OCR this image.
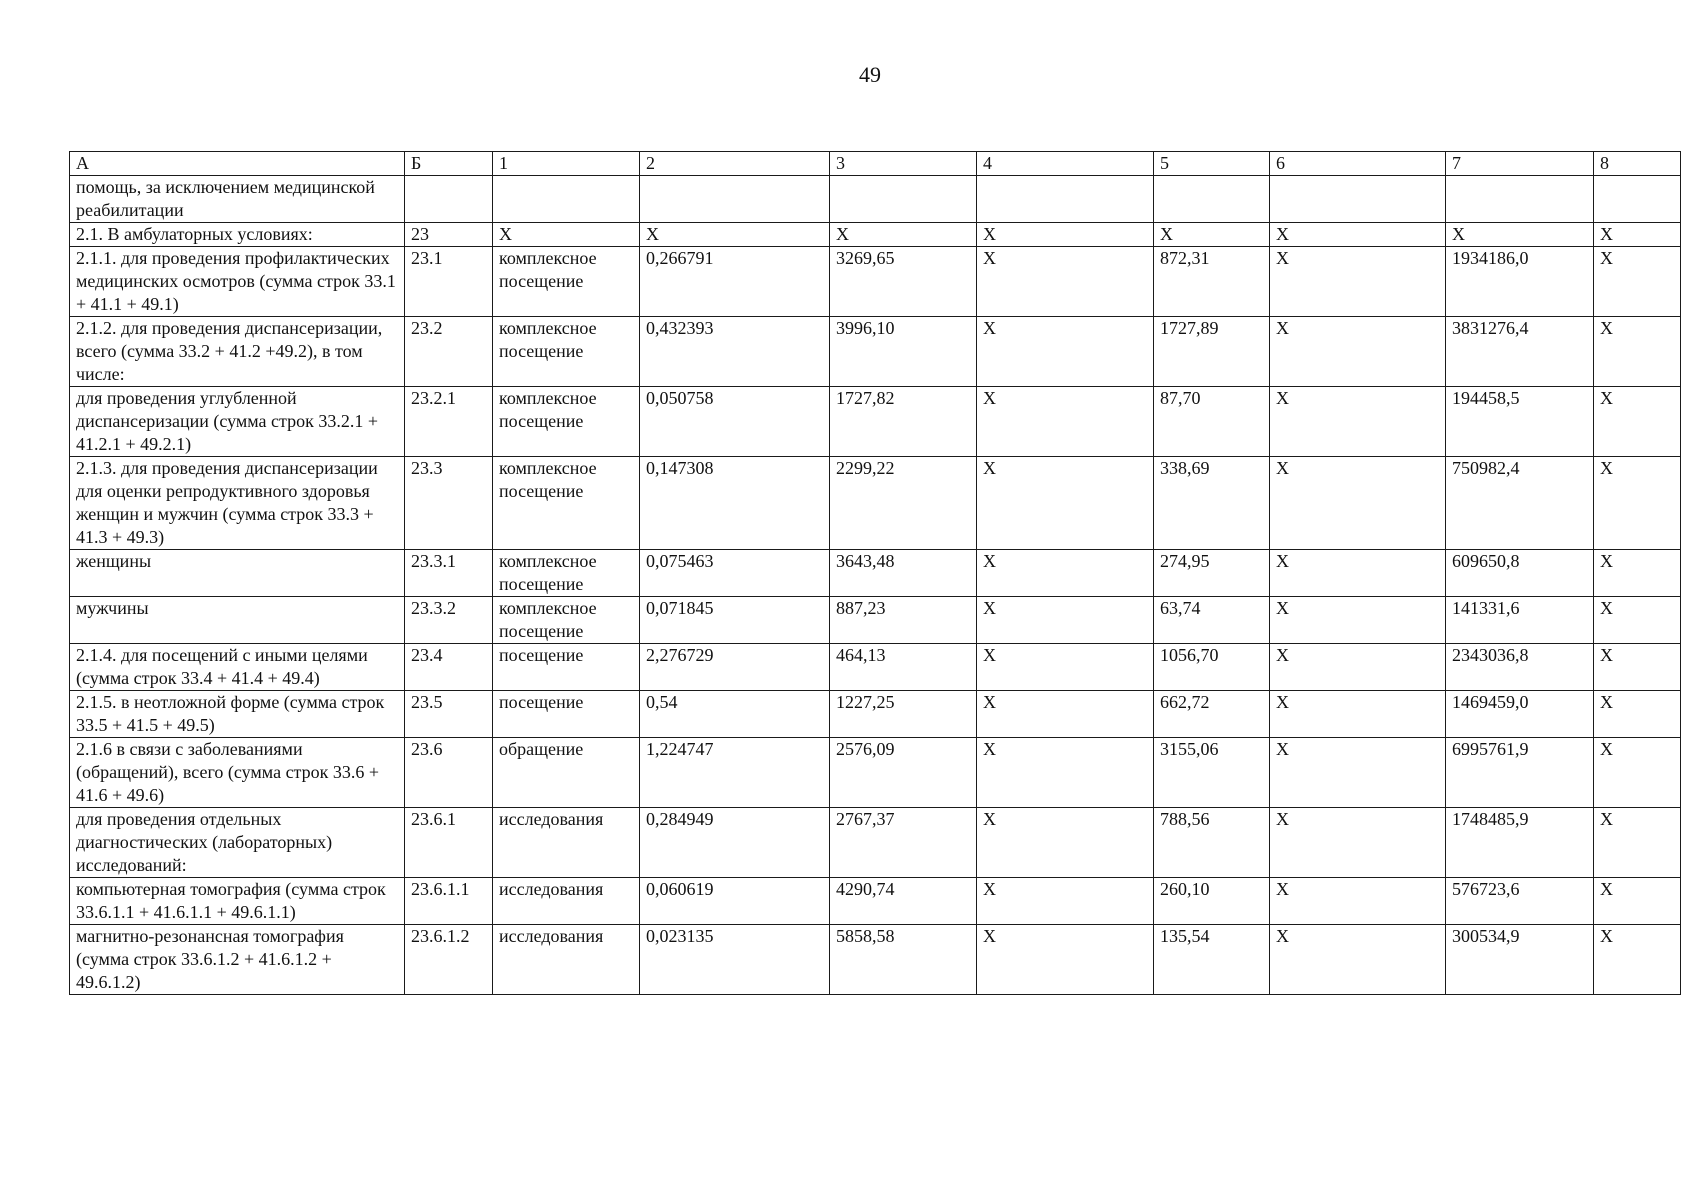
49
А	Б	1	2	3	4	5	6	7	8
помощь, за исключением медицинской реабилитации									
2.1. В амбулаторных условиях:	23	Х	Х	Х	Х	Х	Х	Х	Х
2.1.1. для проведения профилактических медицинских осмотров (сумма строк 33.1 + 41.1 + 49.1)	23.1	комплексное посещение	0,266791	3269,65	Х	872,31	Х	1934186,0	Х
2.1.2. для проведения диспансеризации, всего (сумма 33.2 + 41.2 +49.2), в том числе:	23.2	комплексное посещение	0,432393	3996,10	Х	1727,89	Х	3831276,4	Х
для проведения углубленной диспансеризации (сумма строк 33.2.1 + 41.2.1 + 49.2.1)	23.2.1	комплексное посещение	0,050758	1727,82	Х	87,70	Х	194458,5	Х
2.1.3. для проведения диспансеризации для оценки репродуктивного здоровья женщин и мужчин (сумма строк 33.3 + 41.3 + 49.3)	23.3	комплексное посещение	0,147308	2299,22	Х	338,69	Х	750982,4	Х
женщины	23.3.1	комплексное посещение	0,075463	3643,48	Х	274,95	Х	609650,8	Х
мужчины	23.3.2	комплексное посещение	0,071845	887,23	Х	63,74	Х	141331,6	Х
2.1.4. для посещений с иными целями (сумма строк 33.4 + 41.4 + 49.4)	23.4	посещение	2,276729	464,13	Х	1056,70	Х	2343036,8	Х
2.1.5. в неотложной форме (сумма строк 33.5 + 41.5 + 49.5)	23.5	посещение	0,54	1227,25	Х	662,72	Х	1469459,0	Х
2.1.6 в связи с заболеваниями (обращений), всего (сумма строк 33.6 + 41.6 + 49.6)	23.6	обращение	1,224747	2576,09	Х	3155,06	Х	6995761,9	Х
для проведения отдельных диагностических (лабораторных) исследований:	23.6.1	исследования	0,284949	2767,37	Х	788,56	Х	1748485,9	Х
компьютерная томография (сумма строк 33.6.1.1 + 41.6.1.1 + 49.6.1.1)	23.6.1.1	исследования	0,060619	4290,74	Х	260,10	Х	576723,6	Х
магнитно-резонансная томография (сумма строк 33.6.1.2 + 41.6.1.2 + 49.6.1.2)	23.6.1.2	исследования	0,023135	5858,58	Х	135,54	Х	300534,9	Х
